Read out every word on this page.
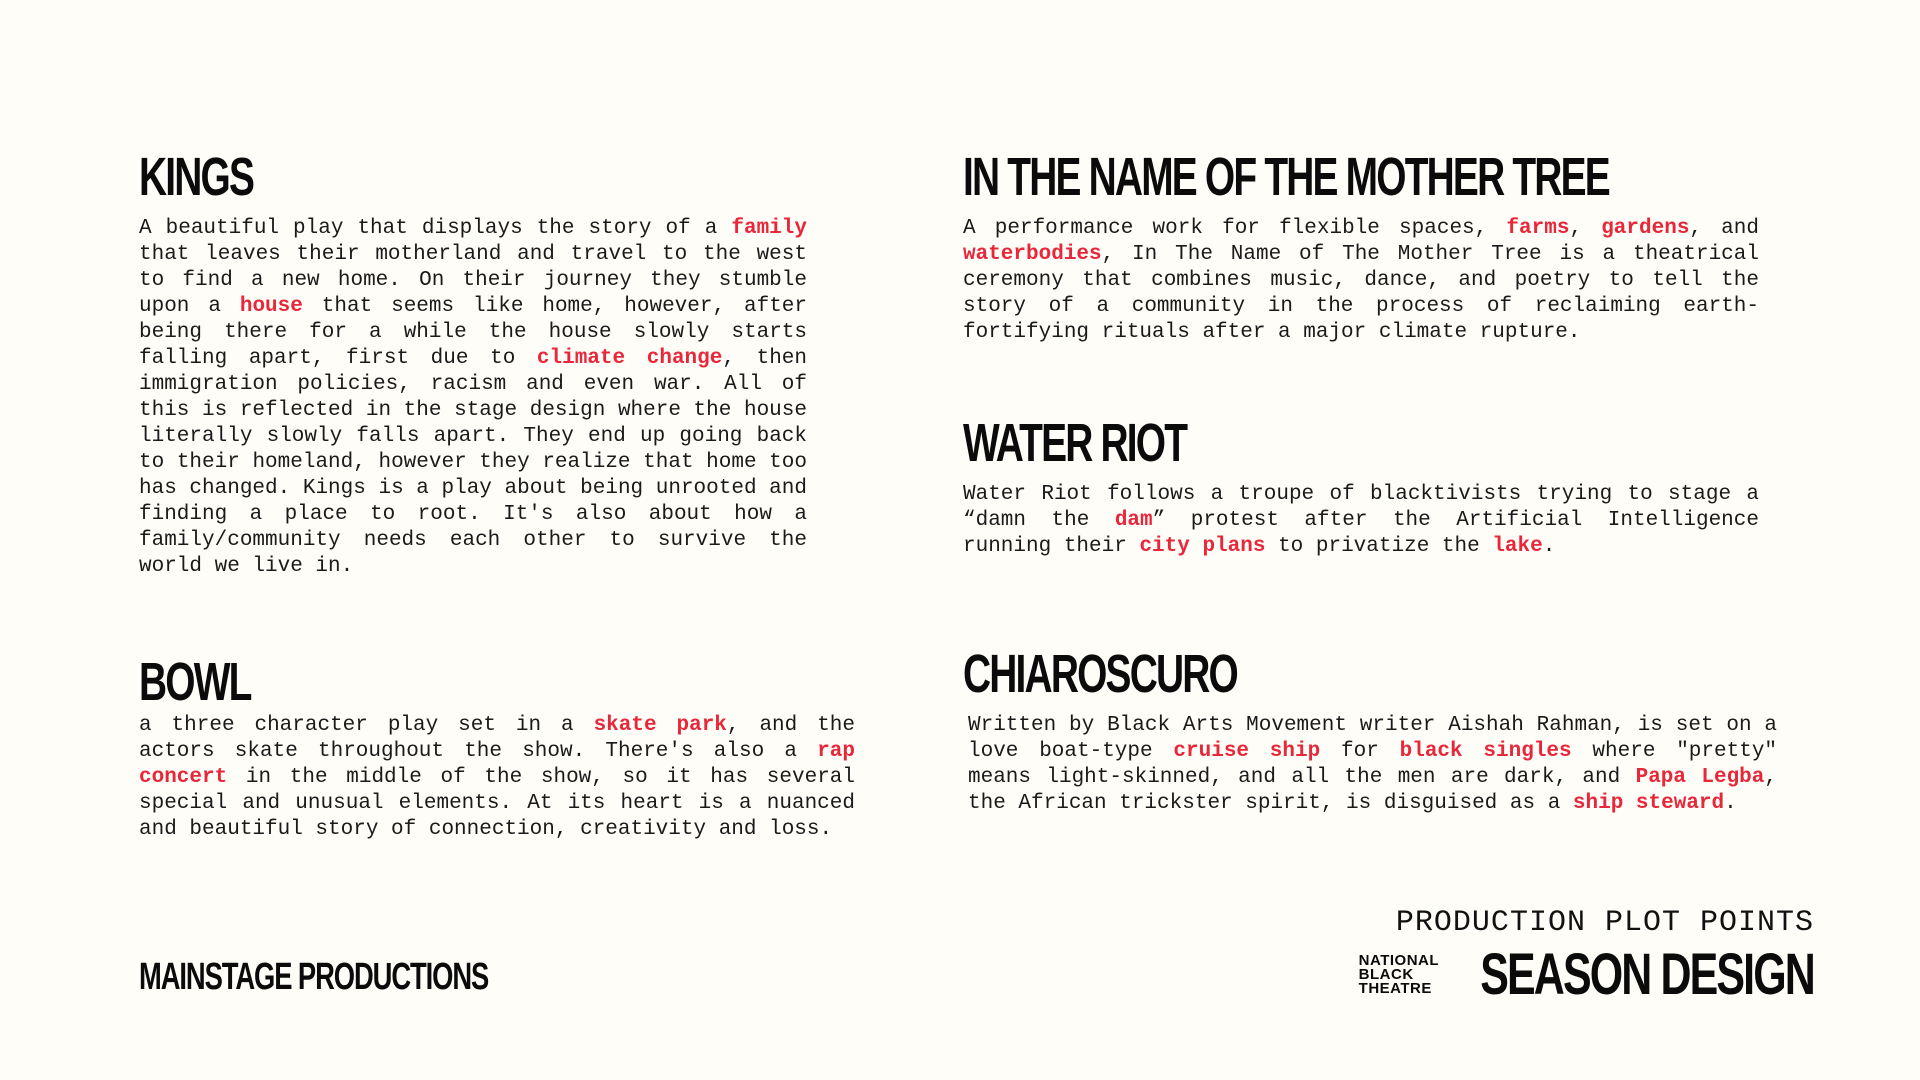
KINGS

A beautiful play that displays the story of a family that leaves their motherland and travel to the west to find a new home. On their journey they stumble upon a house that seems like home, however, after being there for a while the house slowly starts falling apart, first due to climate change, then immigration policies, racism and even war. All of this is reflected in the stage design where the house literally slowly falls apart. They end up going back to their homeland, however they realize that home too has changed. Kings is a play about being unrooted and finding a place to root. It's also about how a family/community needs each other to survive the world we live in.

BOWL

a three character play set in a skate park, and the actors skate throughout the show. There's also a rap concert in the middle of the show, so it has several special and unusual elements. At its heart is a nuanced and beautiful story of connection, creativity and loss.

IN THE NAME OF THE MOTHER TREE

A performance work for flexible spaces, farms, gardens, and waterbodies, In The Name of The Mother Tree is a theatrical ceremony that combines music, dance, and poetry to tell the story of a community in the process of reclaiming earth-fortifying rituals after a major climate rupture.

WATER RIOT

Water Riot follows a troupe of blacktivists trying to stage a “damn the dam” protest after the Artificial Intelligence running their city plans to privatize the lake.

CHIAROSCURO

Written by Black Arts Movement writer Aishah Rahman, is set on a love boat-type cruise ship for black singles where "pretty" means light-skinned, and all the men are dark, and Papa Legba, the African trickster spirit, is disguised as a ship steward.

MAINSTAGE PRODUCTIONS
PRODUCTION PLOT POINTS
NATIONAL
BLACK
THEATRE SEASON DESIGN
